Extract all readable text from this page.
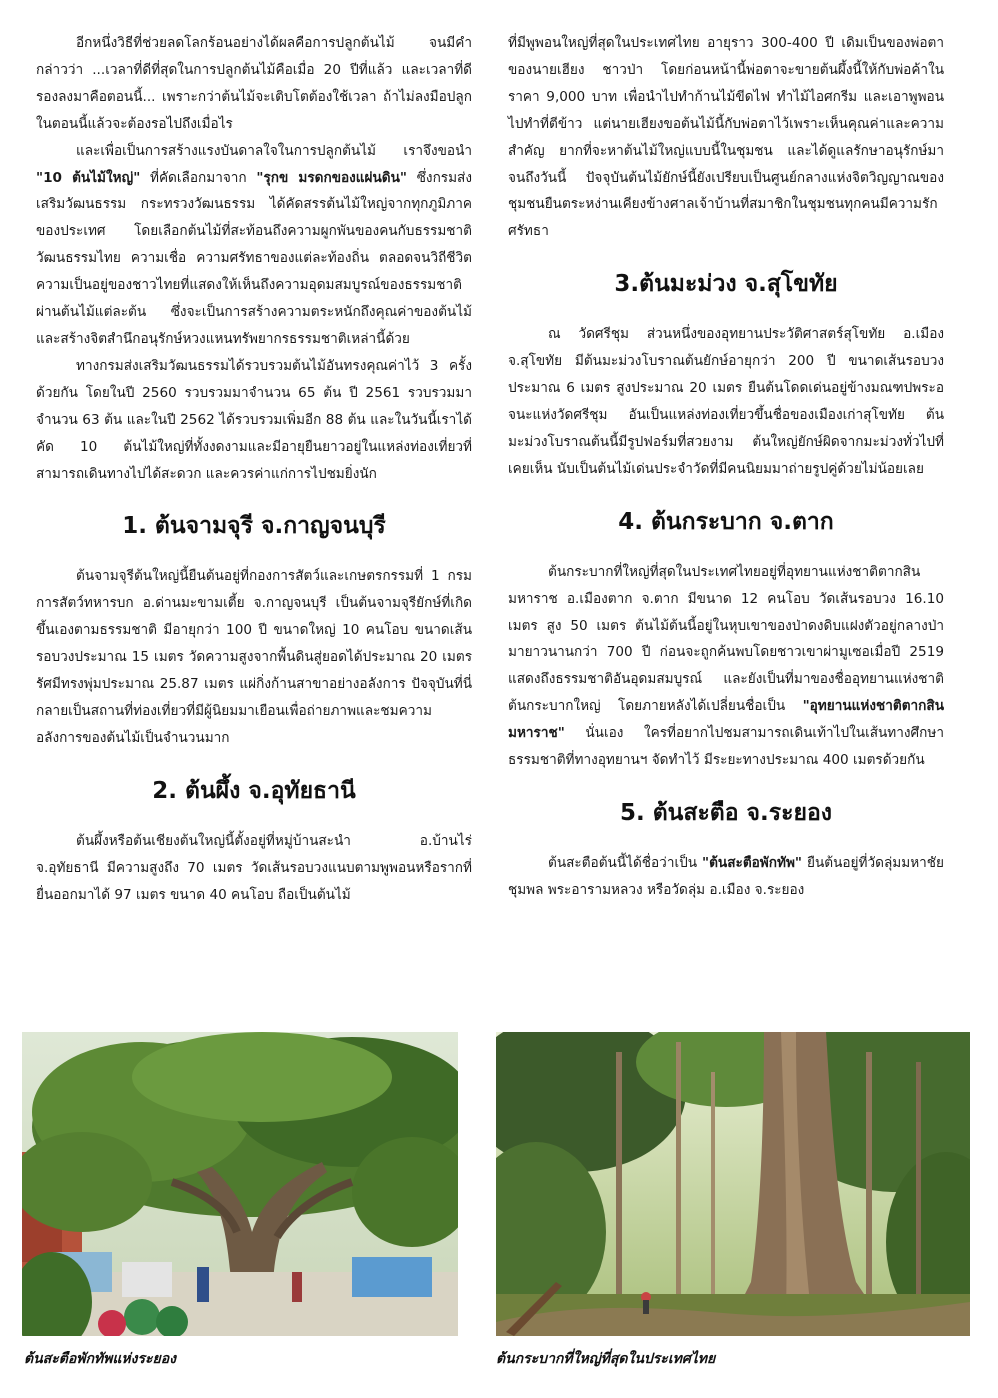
อีกหนึ่งวิธีที่ช่วยลดโลกร้อนอย่างได้ผลคือการปลูกต้นไม้ จนมีคำกล่าวว่า ...เวลาที่ดีที่สุดในการปลูกต้นไม้คือเมื่อ 20 ปีที่แล้ว และเวลาที่ดีรองลงมาคือตอนนี้... เพราะกว่าต้นไม้จะเติบโตต้องใช้เวลา ถ้าไม่ลงมือปลูกในตอนนี้แล้วจะต้องรอไปถึงเมื่อไร

และเพื่อเป็นการสร้างแรงบันดาลใจในการปลูกต้นไม้ เราจึงขอนำ "10 ต้นไม้ใหญ่" ที่คัดเลือกมาจาก "รุกข มรดกของแผ่นดิน" ซึ่งกรมส่งเสริมวัฒนธรรม กระทรวงวัฒนธรรม ได้คัดสรรต้นไม้ใหญ่จากทุกภูมิภาคของประเทศ โดยเลือกต้นไม้ที่สะท้อนถึงความผูกพันของคนกับธรรมชาติ วัฒนธรรมไทย ความเชื่อ ความศรัทธาของแต่ละท้องถิ่น ตลอดจนวิถีชีวิตความเป็นอยู่ของชาวไทยที่แสดงให้เห็นถึงความอุดมสมบูรณ์ของธรรมชาติผ่านต้นไม้แต่ละต้น ซึ่งจะเป็นการสร้างความตระหนักถึงคุณค่าของต้นไม้ และสร้างจิตสำนึกอนุรักษ์หวงแหนทรัพยากรธรรมชาติเหล่านี้ด้วย

ทางกรมส่งเสริมวัฒนธรรมได้รวบรวมต้นไม้อันทรงคุณค่าไว้ 3 ครั้งด้วยกัน โดยในปี 2560 รวบรวมมาจำนวน 65 ต้น ปี 2561 รวบรวมมาจำนวน 63 ต้น และในปี 2562 ได้รวบรวมเพิ่มอีก 88 ต้น และในวันนี้เราได้คัด 10 ต้นไม้ใหญ่ที่ทั้งงดงามและมีอายุยืนยาวอยู่ในแหล่งท่องเที่ยวที่สามารถเดินทางไปได้สะดวก และควรค่าแก่การไปชมยิ่งนัก

1. ต้นจามจุรี จ.กาญจนบุรี

ต้นจามจุรีต้นใหญ่นี้ยืนต้นอยู่ที่กองการสัตว์และเกษตรกรรมที่ 1 กรมการสัตว์ทหารบก อ.ด่านมะขามเตี้ย จ.กาญจนบุรี เป็นต้นจามจุรียักษ์ที่เกิดขึ้นเองตามธรรมชาติ มีอายุกว่า 100 ปี ขนาดใหญ่ 10 คนโอบ ขนาดเส้นรอบวงประมาณ 15 เมตร วัดความสูงจากพื้นดินสู่ยอดได้ประมาณ 20 เมตร รัศมีทรงพุ่มประมาณ 25.87 เมตร แผ่กิ่งก้านสาขาอย่างอลังการ ปัจจุบันที่นี่กลายเป็นสถานที่ท่องเที่ยวที่มีผู้นิยมมาเยือนเพื่อถ่ายภาพและชมความอลังการของต้นไม้เป็นจำนวนมาก

2. ต้นผึ้ง จ.อุทัยธานี

ต้นผึ้งหรือต้นเชียงต้นใหญ่นี้ตั้งอยู่ที่หมู่บ้านสะนำ อ.บ้านไร่ จ.อุทัยธานี มีความสูงถึง 70 เมตร วัดเส้นรอบวงแนบตามพูพอนหรือรากที่ยื่นออกมาได้ 97 เมตร ขนาด 40 คนโอบ ถือเป็นต้นไม้

ที่มีพูพอนใหญ่ที่สุดในประเทศไทย อายุราว 300-400 ปี เดิมเป็นของพ่อตาของนายเฮียง ชาวป่า โดยก่อนหน้านี้พ่อตาจะขายต้นผึ้งนี้ให้กับพ่อค้าในราคา 9,000 บาท เพื่อนำไปทำก้านไม้ขีดไฟ ทำไม้ไอศกรีม และเอาพูพอนไปทำที่ตีข้าว แต่นายเฮียงขอต้นไม้นี้กับพ่อตาไว้เพราะเห็นคุณค่าและความสำคัญ ยากที่จะหาต้นไม้ใหญ่แบบนี้ในชุมชน และได้ดูแลรักษาอนุรักษ์มาจนถึงวันนี้ ปัจจุบันต้นไม้ยักษ์นี้ยังเปรียบเป็นศูนย์กลางแห่งจิตวิญญาณของชุมชนยืนตระหง่านเคียงข้างศาลเจ้าบ้านที่สมาชิกในชุมชนทุกคนมีความรักศรัทธา

3.ต้นมะม่วง จ.สุโขทัย

ณ วัดศรีชุม ส่วนหนึ่งของอุทยานประวัติศาสตร์สุโขทัย อ.เมือง จ.สุโขทัย มีต้นมะม่วงโบราณต้นยักษ์อายุกว่า 200 ปี ขนาดเส้นรอบวงประมาณ 6 เมตร สูงประมาณ 20 เมตร ยืนต้นโดดเด่นอยู่ข้างมณฑปพระอจนะแห่งวัดศรีชุม อันเป็นแหล่งท่องเที่ยวขึ้นชื่อของเมืองเก่าสุโขทัย ต้นมะม่วงโบราณต้นนี้มีรูปฟอร์มที่สวยงาม ต้นใหญ่ยักษ์ผิดจากมะม่วงทั่วไปที่เคยเห็น นับเป็นต้นไม้เด่นประจำวัดที่มีคนนิยมมาถ่ายรูปคู่ด้วยไม่น้อยเลย

4. ต้นกระบาก จ.ตาก

ต้นกระบากที่ใหญ่ที่สุดในประเทศไทยอยู่ที่อุทยานแห่งชาติตากสินมหาราช อ.เมืองตาก จ.ตาก มีขนาด 12 คนโอบ วัดเส้นรอบวง 16.10 เมตร สูง 50 เมตร ต้นไม้ต้นนี้อยู่ในหุบเขาของป่าดงดิบแฝงตัวอยู่กลางป่ามายาวนานกว่า 700 ปี ก่อนจะถูกค้นพบโดยชาวเขาผ่ามูเซอเมื่อปี 2519 แสดงถึงธรรมชาติอันอุดมสมบูรณ์ และยังเป็นที่มาของชื่ออุทยานแห่งชาติต้นกระบากใหญ่ โดยภายหลังได้เปลี่ยนชื่อเป็น "อุทยานแห่งชาติตากสินมหาราช" นั่นเอง ใครที่อยากไปชมสามารถเดินเท้าไปในเส้นทางศึกษาธรรมชาติที่ทางอุทยานฯ จัดทำไว้ มีระยะทางประมาณ 400 เมตรด้วยกัน

5. ต้นสะตือ จ.ระยอง

ต้นสะตือต้นนี้ได้ชื่อว่าเป็น "ต้นสะตือพักทัพ" ยืนต้นอยู่ที่วัดลุ่มมหาชัยชุมพล พระอารามหลวง หรือวัดลุ่ม อ.เมือง จ.ระยอง

ต้นสะตือพักทัพแห่งระยอง	ต้นกระบากที่ใหญ่ที่สุดในประเทศไทย
